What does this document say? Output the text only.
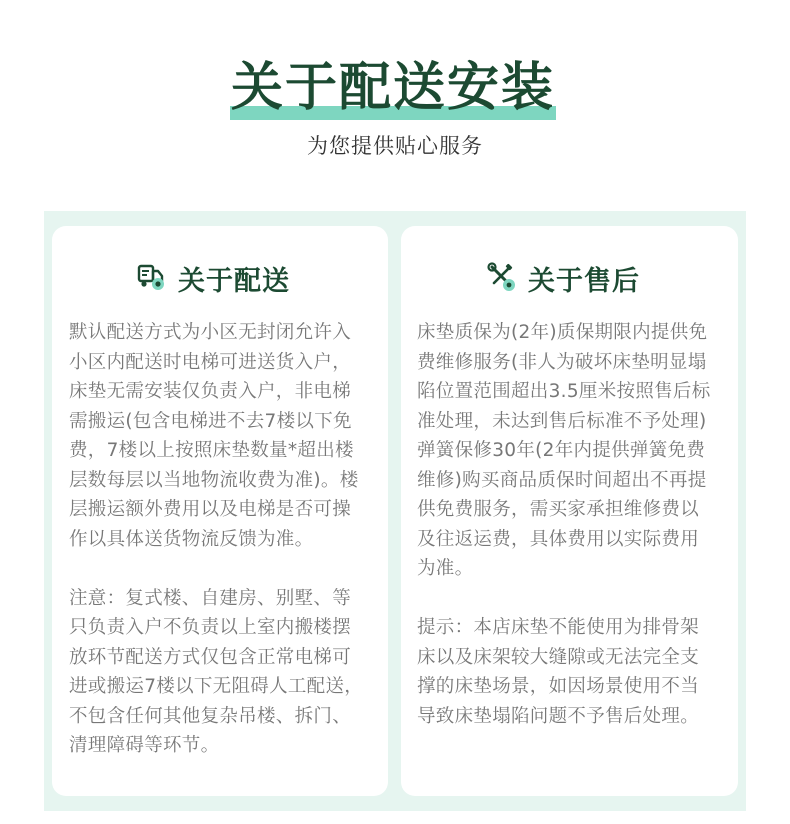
关于配送安装
为您提供贴心服务
关于配送	关于售后

默认配送方式为小区无封闭允许入

小区内配送时电梯可进送货入户，

床垫无需安装仅负责入户，非电梯

需搬运(包含电梯进不去7楼以下免

费，7楼以上按照床垫数量*超出楼

层数每层以当地物流收费为准)。楼

层搬运额外费用以及电梯是否可操

作以具体送货物流反馈为准。

注意：复式楼、自建房、别墅、等

只负责入户不负责以上室内搬楼摆

放环节配送方式仅包含正常电梯可

进或搬运7楼以下无阻碍人工配送，

不包含任何其他复杂吊楼、拆门、

清理障碍等环节。

床垫质保为(2年)质保期限内提供免

费维修服务(非人为破坏床垫明显塌

陷位置范围超出3.5厘米按照售后标

准处理，未达到售后标准不予处理)

弹簧保修30年(2年内提供弹簧免费

维修)购买商品质保时间超出不再提

供免费服务，需买家承担维修费以

及往返运费，具体费用以实际费用

为准。

提示：本店床垫不能使用为排骨架

床以及床架较大缝隙或无法完全支

撑的床垫场景，如因场景使用不当

导致床垫塌陷问题不予售后处理。
